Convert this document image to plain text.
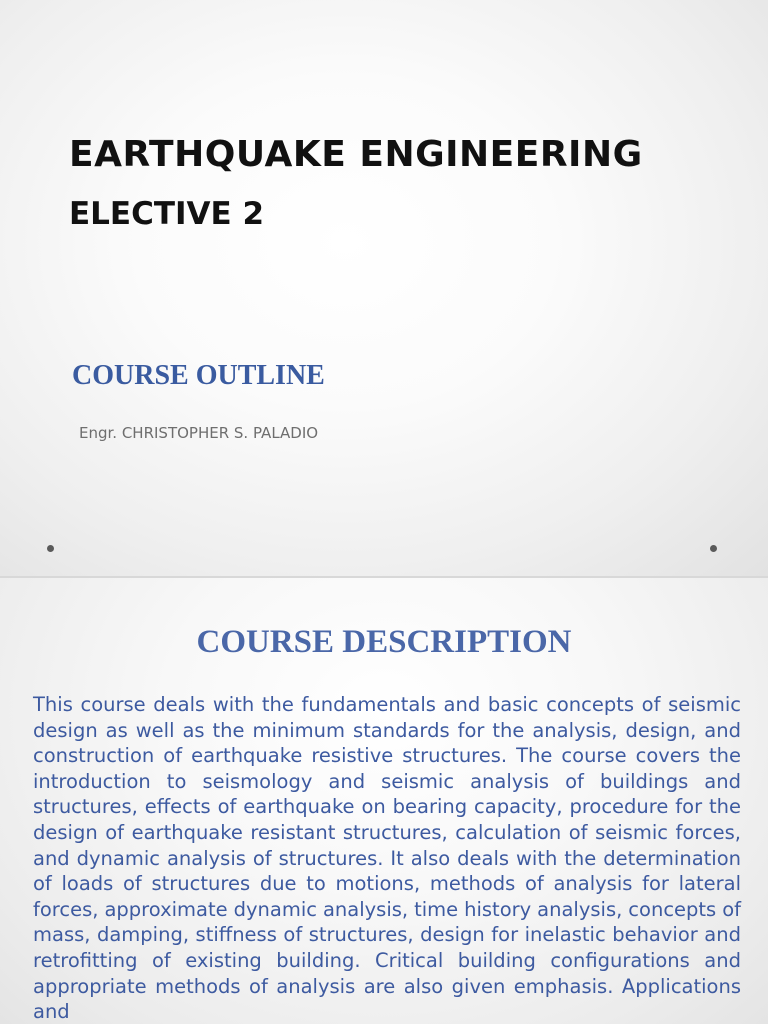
EARTHQUAKE ENGINEERING
ELECTIVE 2
COURSE OUTLINE

Engr. CHRISTOPHER S. PALADIO

COURSE DESCRIPTION

This course deals with the fundamentals and basic concepts of seismic design as well as the minimum standards for the analysis, design, and construction of earthquake resistive structures. The course covers the introduction to seismology and seismic analysis of buildings and structures, effects of earthquake on bearing capacity, procedure for the design of earthquake resistant structures, calculation of seismic forces, and dynamic analysis of structures. It also deals with the determination of loads of structures due to motions, methods of analysis for lateral forces, approximate dynamic analysis, time history analysis, concepts of mass, damping, stiffness of structures, design for inelastic behavior and retrofitting of existing building. Critical building configurations and appropriate methods of analysis are also given emphasis. Applications and
